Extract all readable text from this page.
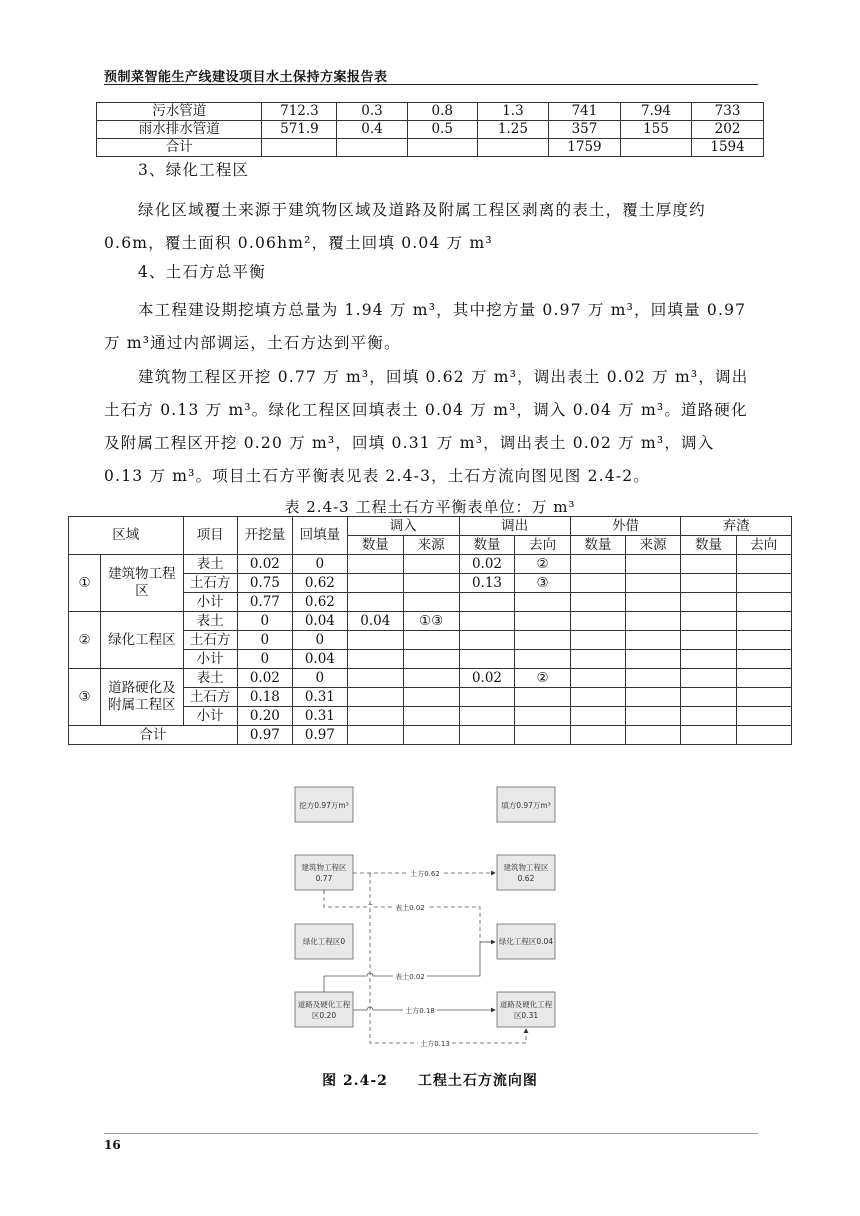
预制菜智能生产线建设项目水土保持方案报告表
污水管道	712.3	0.3	0.8	1.3	741	7.94	733
雨水排水管道	571.9	0.4	0.5	1.25	357	155	202
合计					1759		1594
3、绿化工程区
绿化区域覆土来源于建筑物区域及道路及附属工程区剥离的表土，覆土厚度约0.6m，覆土面积 0.06hm²，覆土回填 0.04 万 m³
4、土石方总平衡
本工程建设期挖填方总量为 1.94 万 m³，其中挖方量 0.97 万 m³，回填量 0.97 万 m³通过内部调运，土石方达到平衡。
建筑物工程区开挖 0.77 万 m³，回填 0.62 万 m³，调出表土 0.02 万 m³，调出土石方 0.13 万 m³。绿化工程区回填表土 0.04 万 m³，调入 0.04 万 m³。道路硬化及附属工程区开挖 0.20 万 m³，回填 0.31 万 m³，调出表土 0.02 万 m³，调入 0.13 万 m³。项目土石方平衡表见表 2.4-3，土石方流向图见图 2.4-2。
表 2.4-3 工程土石方平衡表单位：万 m³
区域		项目	开挖量	回填量	调入		调出		外借		弃渣	
					数量	来源	数量	去向	数量	来源	数量	去向
①	建筑物工程区	表土	0.02	0			0.02	②				
		土石方	0.75	0.62			0.13	③				
		小计	0.77	0.62								
②	绿化工程区	表土	0	0.04	0.04	①③						
		土石方	0	0								
		小计	0	0.04								
③	道路硬化及附属工程区	表土	0.02	0			0.02	②				
		土石方	0.18	0.31								
		小计	0.20	0.31								
合计			0.97	0.97								
挖方0.97万m³	填方0.97万m³
建筑物工程区
0.77
建筑物工程区
0.62
绿化工程区0	绿化工程区0.04
道路及硬化工程
区0.20
道路及硬化工程
区0.31
土方0.62
表土0.02
表土0.02
土方0.18
土方0.13
图 2.4-2　　工程土石方流向图
16
